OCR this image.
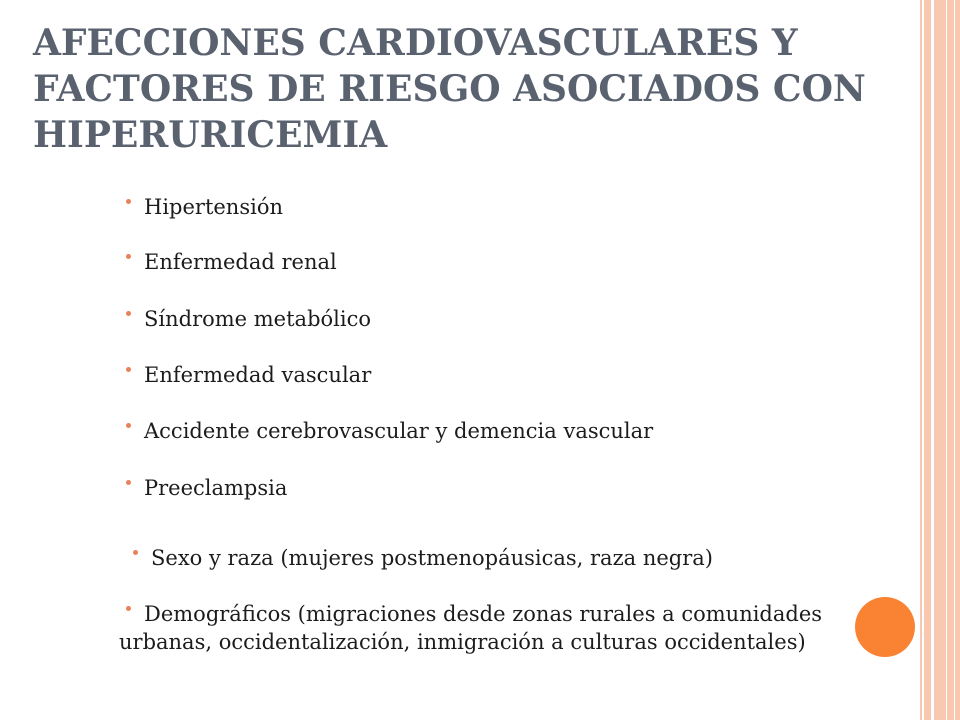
AFECCIONES CARDIOVASCULARES Y FACTORES DE RIESGO ASOCIADOS CON HIPERURICEMIA
Hipertensión
Enfermedad renal
Síndrome metabólico
Enfermedad vascular
Accidente cerebrovascular y demencia vascular
Preeclampsia
Sexo y raza (mujeres postmenopáusicas, raza negra)
Demográficos (migraciones desde zonas rurales a comunidades urbanas, occidentalización, inmigración a culturas occidentales)
